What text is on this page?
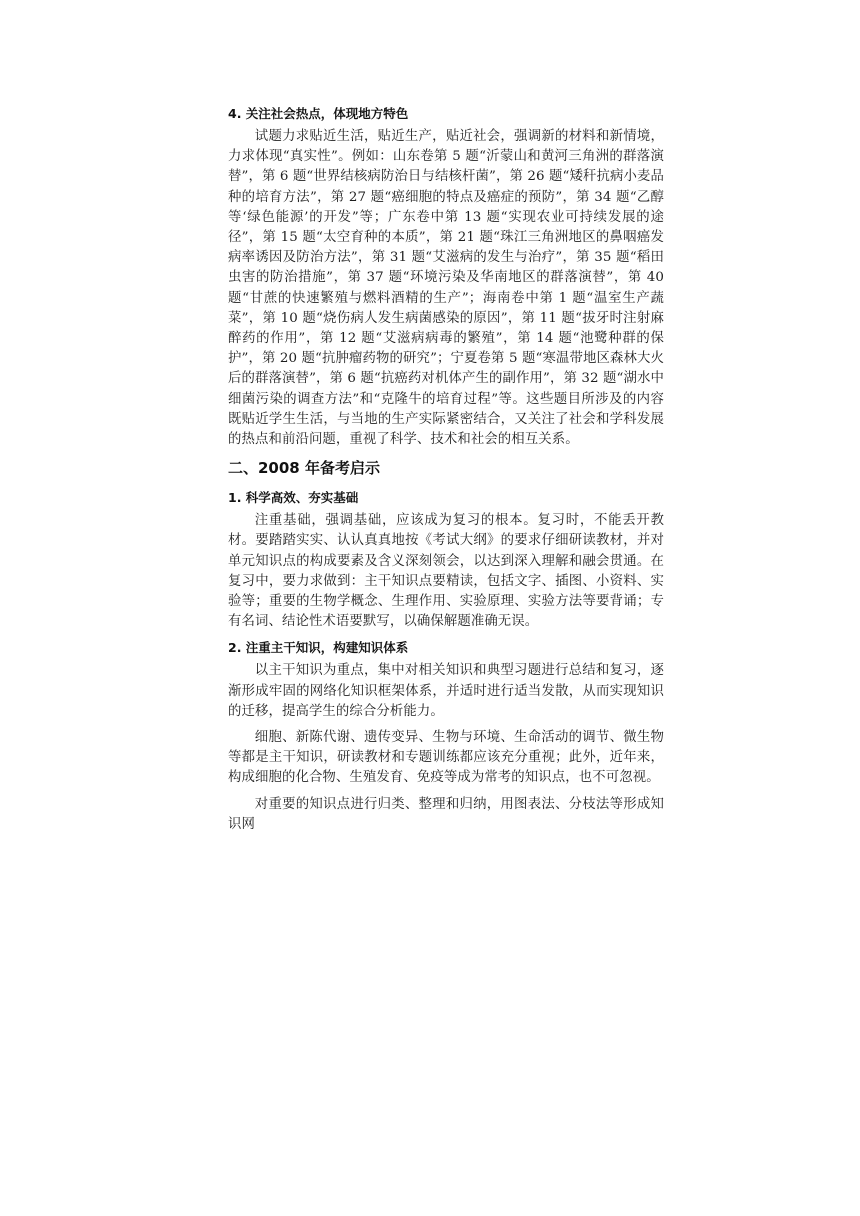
4. 关注社会热点，体现地方特色

试题力求贴近生活，贴近生产，贴近社会，强调新的材料和新情境，力求体现“真实性”。例如：山东卷第 5 题“沂蒙山和黄河三角洲的群落演替”，第 6 题“世界结核病防治日与结核杆菌”，第 26 题“矮秆抗病小麦品种的培育方法”，第 27 题“癌细胞的特点及癌症的预防”，第 34 题“乙醇等‘绿色能源’的开发”等；广东卷中第 13 题“实现农业可持续发展的途径”，第 15 题“太空育种的本质”，第 21 题“珠江三角洲地区的鼻咽癌发病率诱因及防治方法”，第 31 题“艾滋病的发生与治疗”，第 35 题“稻田虫害的防治措施”，第 37 题“环境污染及华南地区的群落演替”，第 40 题“甘蔗的快速繁殖与燃料酒精的生产”；海南卷中第 1 题“温室生产蔬菜”，第 10 题“烧伤病人发生病菌感染的原因”，第 11 题“拔牙时注射麻醉药的作用”，第 12 题“艾滋病病毒的繁殖”，第 14 题“池鹭种群的保护”，第 20 题“抗肿瘤药物的研究”；宁夏卷第 5 题“寒温带地区森林大火后的群落演替”，第 6 题“抗癌药对机体产生的副作用”，第 32 题“湖水中细菌污染的调查方法”和“克隆牛的培育过程”等。这些题目所涉及的内容既贴近学生生活，与当地的生产实际紧密结合，又关注了社会和学科发展的热点和前沿问题，重视了科学、技术和社会的相互关系。

二、2008 年备考启示
1. 科学高效、夯实基础

注重基础，强调基础，应该成为复习的根本。复习时，不能丢开教材。要踏踏实实、认认真真地按《考试大纲》的要求仔细研读教材，并对单元知识点的构成要素及含义深刻领会，以达到深入理解和融会贯通。在复习中，要力求做到：主干知识点要精读，包括文字、插图、小资料、实验等；重要的生物学概念、生理作用、实验原理、实验方法等要背诵；专有名词、结论性术语要默写，以确保解题准确无误。

2. 注重主干知识，构建知识体系

以主干知识为重点，集中对相关知识和典型习题进行总结和复习，逐渐形成牢固的网络化知识框架体系，并适时进行适当发散，从而实现知识的迁移，提高学生的综合分析能力。

细胞、新陈代谢、遗传变异、生物与环境、生命活动的调节、微生物等都是主干知识，研读教材和专题训练都应该充分重视；此外，近年来，构成细胞的化合物、生殖发育、免疫等成为常考的知识点，也不可忽视。

对重要的知识点进行归类、整理和归纳，用图表法、分枝法等形成知识网
